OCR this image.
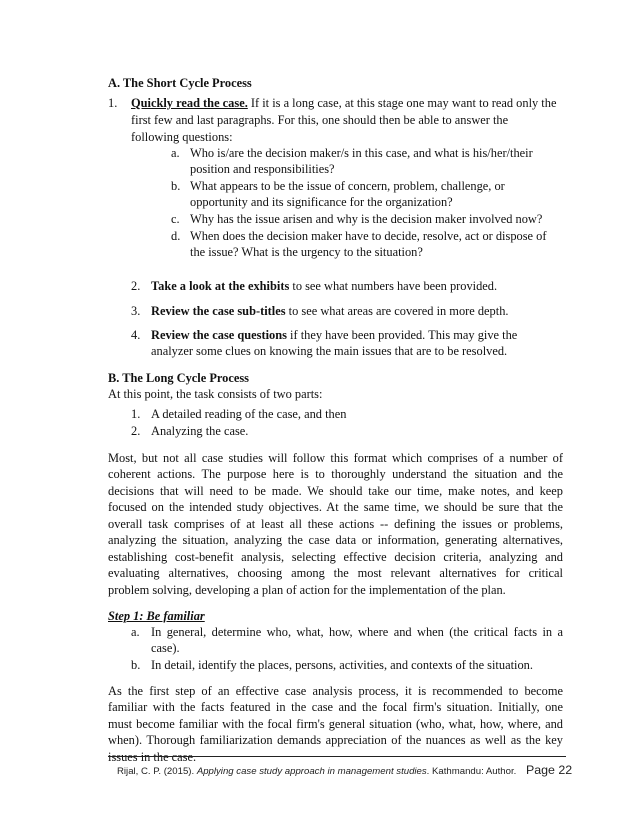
A. The Short Cycle Process
1. Quickly read the case. If it is a long case, at this stage one may want to read only the
first few and last paragraphs. For this, one should then be able to answer the
following questions:
a. Who is/are the decision maker/s in this case, and what is his/her/their
position and responsibilities?
b. What appears to be the issue of concern, problem, challenge, or
opportunity and its significance for the organization?
c. Why has the issue arisen and why is the decision maker involved now?
d. When does the decision maker have to decide, resolve, act or dispose of
the issue? What is the urgency to the situation?
2. Take a look at the exhibits to see what numbers have been provided.
3. Review the case sub-titles to see what areas are covered in more depth.
4. Review the case questions if they have been provided. This may give the
analyzer some clues on knowing the main issues that are to be resolved.
B. The Long Cycle Process
At this point, the task consists of two parts:
1. A detailed reading of the case, and then
2. Analyzing the case.
Most, but not all case studies will follow this format which comprises of a number of
coherent actions. The purpose here is to thoroughly understand the situation and the
decisions that will need to be made. We should take our time, make notes, and keep
focused on the intended study objectives. At the same time, we should be sure that the
overall task comprises of at least all these actions -- defining the issues or problems,
analyzing the situation, analyzing the case data or information, generating alternatives,
establishing cost-benefit analysis, selecting effective decision criteria, analyzing and
evaluating alternatives, choosing among the most relevant alternatives for critical
problem solving, developing a plan of action for the implementation of the plan.
Step 1: Be familiar
a. In general, determine who, what, how, where and when (the critical facts in a
case).
b. In detail, identify the places, persons, activities, and contexts of the situation.
As the first step of an effective case analysis process, it is recommended to become
familiar with the facts featured in the case and the focal firm's situation. Initially, one
must become familiar with the focal firm's general situation (who, what, how, where, and
when). Thorough familiarization demands appreciation of the nuances as well as the key
issues in the case.
Rijal, C. P. (2015). Applying case study approach in management studies. Kathmandu: Author. Page 22
